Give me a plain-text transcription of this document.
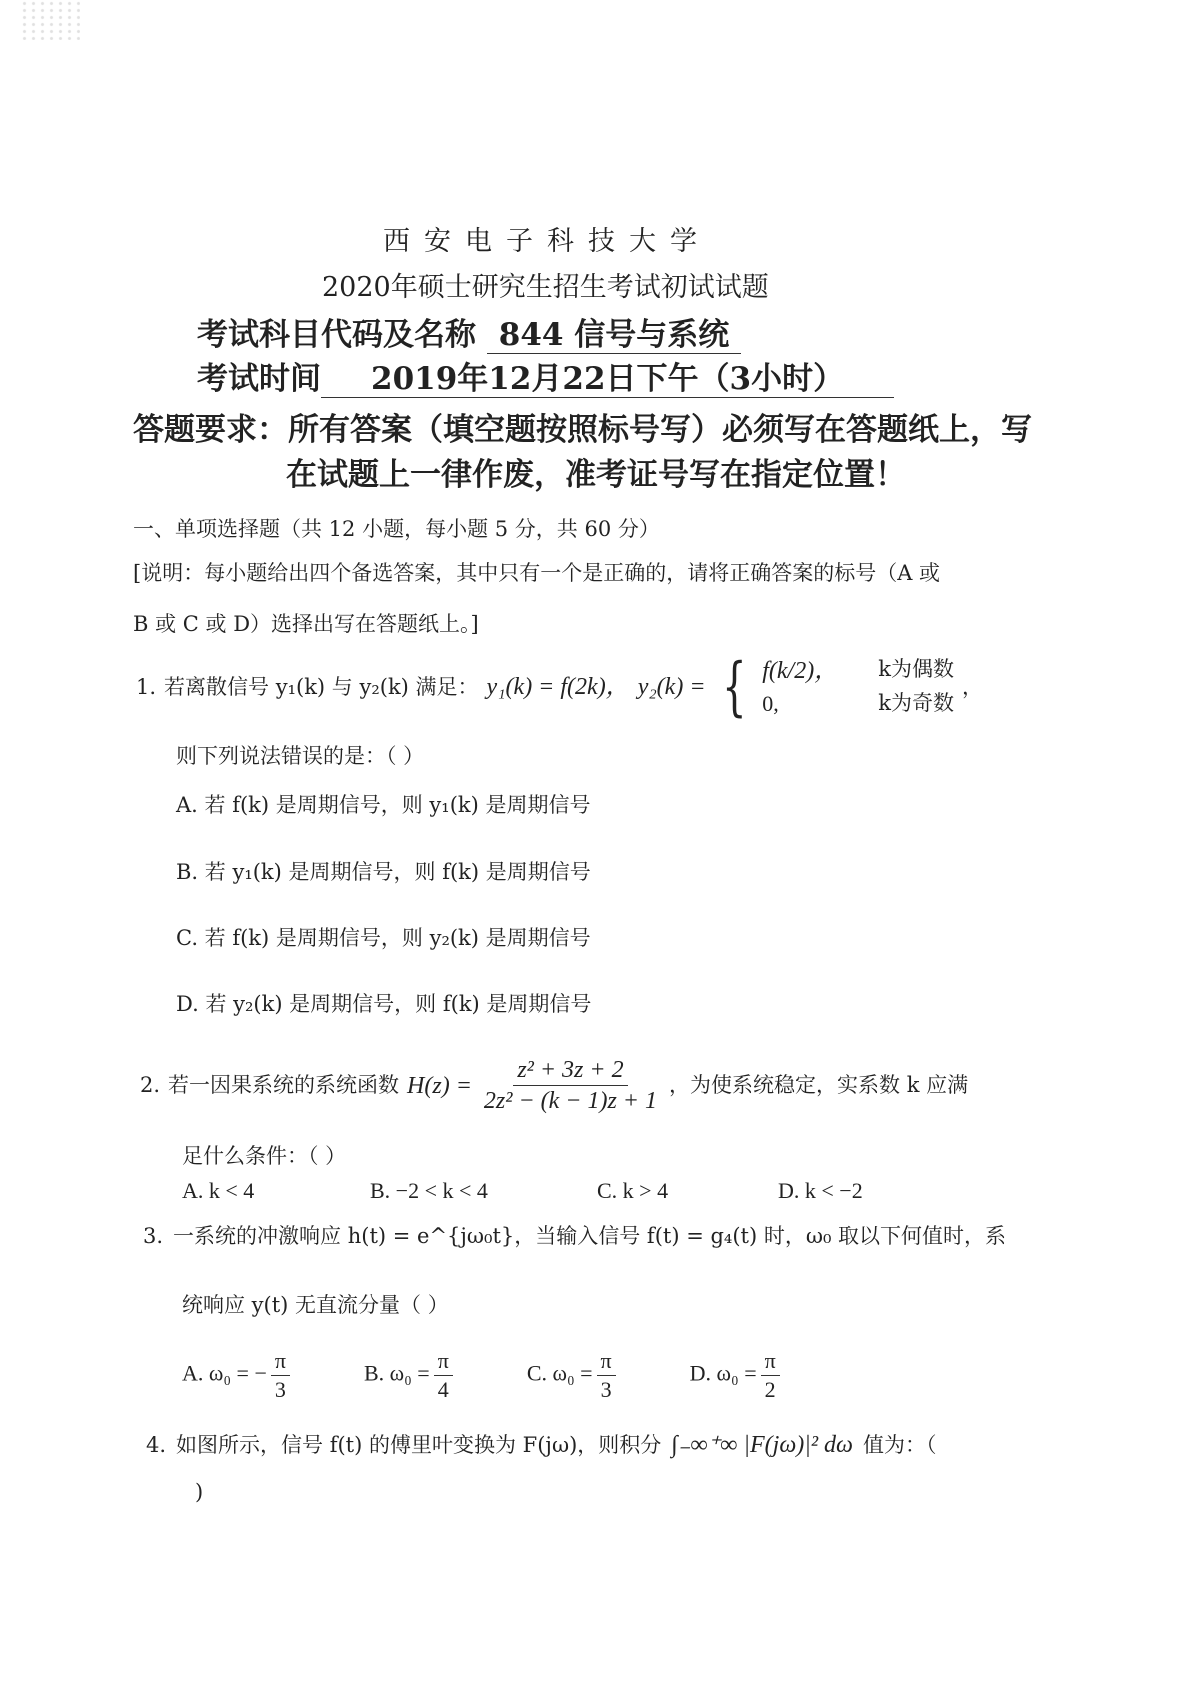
西安电子科技大学
2020年硕士研究生招生考试初试试题
考试科目代码及名称 844 信号与系统
考试时间 2019年12月22日下午（3小时）
答题要求：所有答案（填空题按照标号写）必须写在答题纸上，写
在试题上一律作废，准考证号写在指定位置！
一、单项选择题（共 12 小题，每小题 5 分，共 60 分）
[说明：每小题给出四个备选答案，其中只有一个是正确的，请将正确答案的标号（A 或
B 或 C 或 D）选择出写在答题纸上。]
1. 若离散信号 y₁(k) 与 y₂(k) 满足： y₁(k) = f(2k)， y₂(k) = { f(k/2)， k为偶数
0,	k为奇数
，
则下列说法错误的是：（ ）
A. 若 f(k) 是周期信号，则 y₁(k) 是周期信号
B. 若 y₁(k) 是周期信号，则 f(k) 是周期信号
C. 若 f(k) 是周期信号，则 y₂(k) 是周期信号
D. 若 y₂(k) 是周期信号，则 f(k) 是周期信号
2. 若一因果系统的系统函数 $H(z) = \frac{\text{z² + 3z + 2}}{\text{2z² − (k − 1)z + 1}}$ ，为使系统稳定，实系数 k 应满
足什么条件：（ ）
A. k < 4	B. −2 < k < 4	C. k > 4	D. k < −2
3. 一系统的冲激响应 h(t) = e^{jω₀t}，当输入信号 f(t) = g₄(t) 时，ω₀ 取以下何值时，系
统响应 y(t) 无直流分量（ ）
A. ω₀ = − $\frac{\pi}{3}$	B. $\omega_0 = \frac{\pi}{4}$	C. $\omega_0 = \frac{\pi}{3}$	D. $\omega_0 = \frac{\pi}{2}$
4. 如图所示，信号 f(t) 的傅里叶变换为 F(jω)，则积分 ∫₋∞⁺∞ |F(jω)|² dω 值为：（
)
